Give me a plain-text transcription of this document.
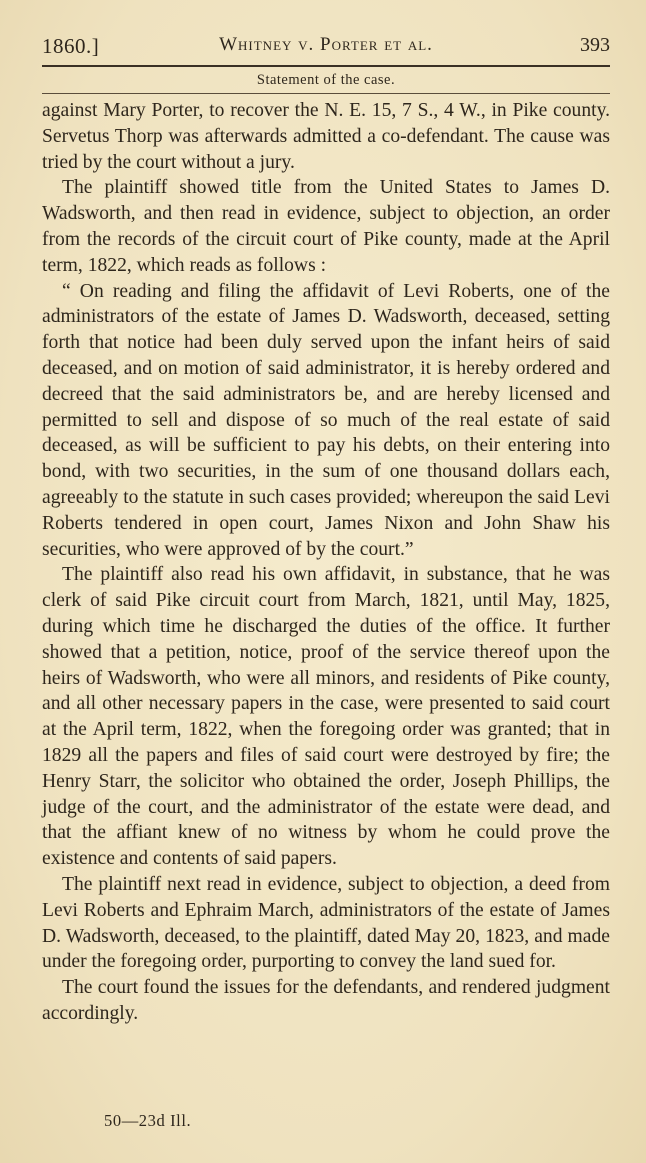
1860.]	Whitney v. Porter et al.	393
Statement of the case.

against Mary Porter, to recover the N. E. 15, 7 S., 4 W., in Pike county. Servetus Thorp was afterwards admitted a co-defendant. The cause was tried by the court without a jury.

The plaintiff showed title from the United States to James D. Wadsworth, and then read in evidence, subject to objection, an order from the records of the circuit court of Pike county, made at the April term, 1822, which reads as follows :

“ On reading and filing the affidavit of Levi Roberts, one of the administrators of the estate of James D. Wadsworth, deceased, setting forth that notice had been duly served upon the infant heirs of said deceased, and on motion of said administrator, it is hereby ordered and decreed that the said administrators be, and are hereby licensed and permitted to sell and dispose of so much of the real estate of said deceased, as will be sufficient to pay his debts, on their entering into bond, with two securities, in the sum of one thousand dollars each, agreeably to the statute in such cases provided; whereupon the said Levi Roberts tendered in open court, James Nixon and John Shaw his securities, who were approved of by the court.”

The plaintiff also read his own affidavit, in substance, that he was clerk of said Pike circuit court from March, 1821, until May, 1825, during which time he discharged the duties of the office. It further showed that a petition, notice, proof of the service thereof upon the heirs of Wadsworth, who were all minors, and residents of Pike county, and all other necessary papers in the case, were presented to said court at the April term, 1822, when the foregoing order was granted; that in 1829 all the papers and files of said court were destroyed by fire; the Henry Starr, the solicitor who obtained the order, Joseph Phillips, the judge of the court, and the administrator of the estate were dead, and that the affiant knew of no witness by whom he could prove the existence and contents of said papers.

The plaintiff next read in evidence, subject to objection, a deed from Levi Roberts and Ephraim March, administrators of the estate of James D. Wadsworth, deceased, to the plaintiff, dated May 20, 1823, and made under the foregoing order, purporting to convey the land sued for.

The court found the issues for the defendants, and rendered judgment accordingly.

50—23d Ill.
